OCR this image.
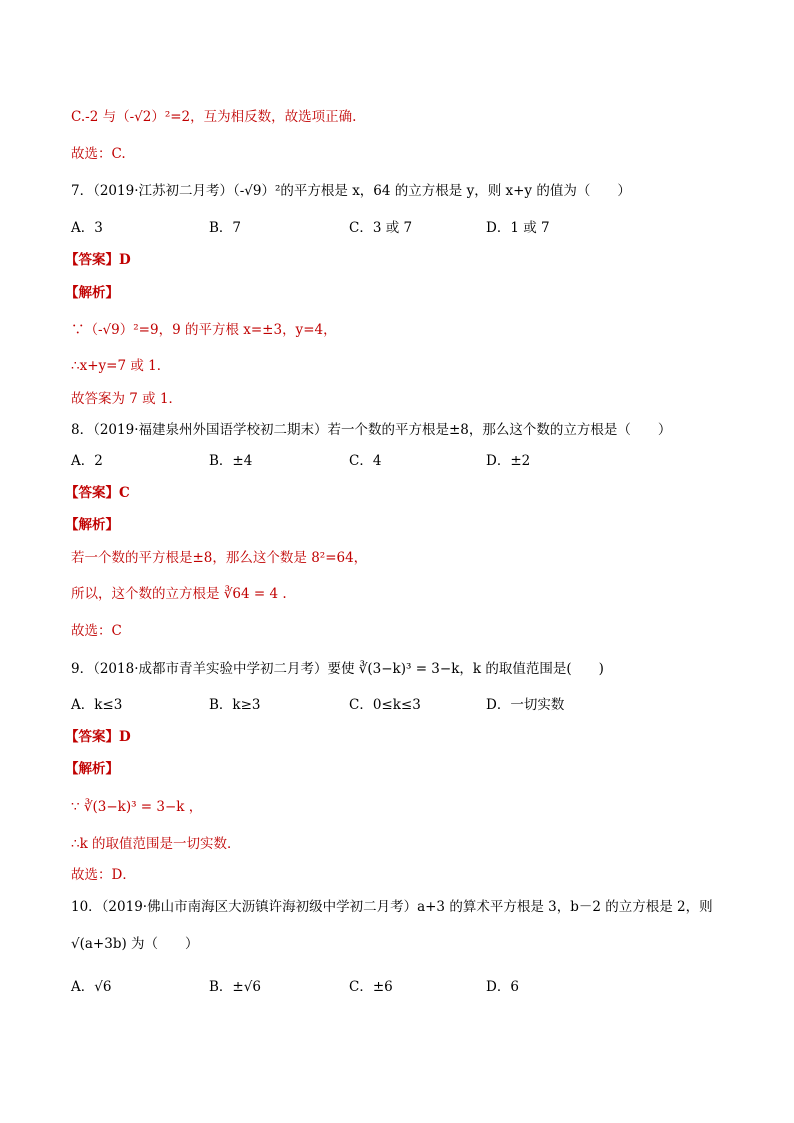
C.-2 与（-√2）²=2，互为相反数，故选项正确.
故选：C.
7．（2019·江苏初二月考）（-√9）²的平方根是 x，64 的立方根是 y，则 x+y 的值为（　　）
A．3	B．7	C．3 或 7	D．1 或 7
【答案】D
【解析】
∵（-√9）²=9，9 的平方根 x=±3，y=4，
∴x+y=7 或 1．
故答案为 7 或 1．
8．（2019·福建泉州外国语学校初二期末）若一个数的平方根是±8，那么这个数的立方根是（　　）
A．2	B．±4	C．4	D．±2
【答案】C
【解析】
若一个数的平方根是±8，那么这个数是 8²=64，
所以，这个数的立方根是 ∛64 = 4 .
故选：C
9．（2018·成都市青羊实验中学初二月考）要使 ∛(3−k)³ = 3−k，k 的取值范围是(　　)
A．k≤3	B．k≥3	C．0≤k≤3	D．一切实数
【答案】D
【解析】
∵ ∛(3−k)³ = 3−k ，
∴k 的取值范围是一切实数．
故选：D．
10．（2019·佛山市南海区大沥镇许海初级中学初二月考）a+3 的算术平方根是 3，b－2 的立方根是 2，则
√(a+3b) 为（　　）
A．√6	B．±√6	C．±6	D．6
